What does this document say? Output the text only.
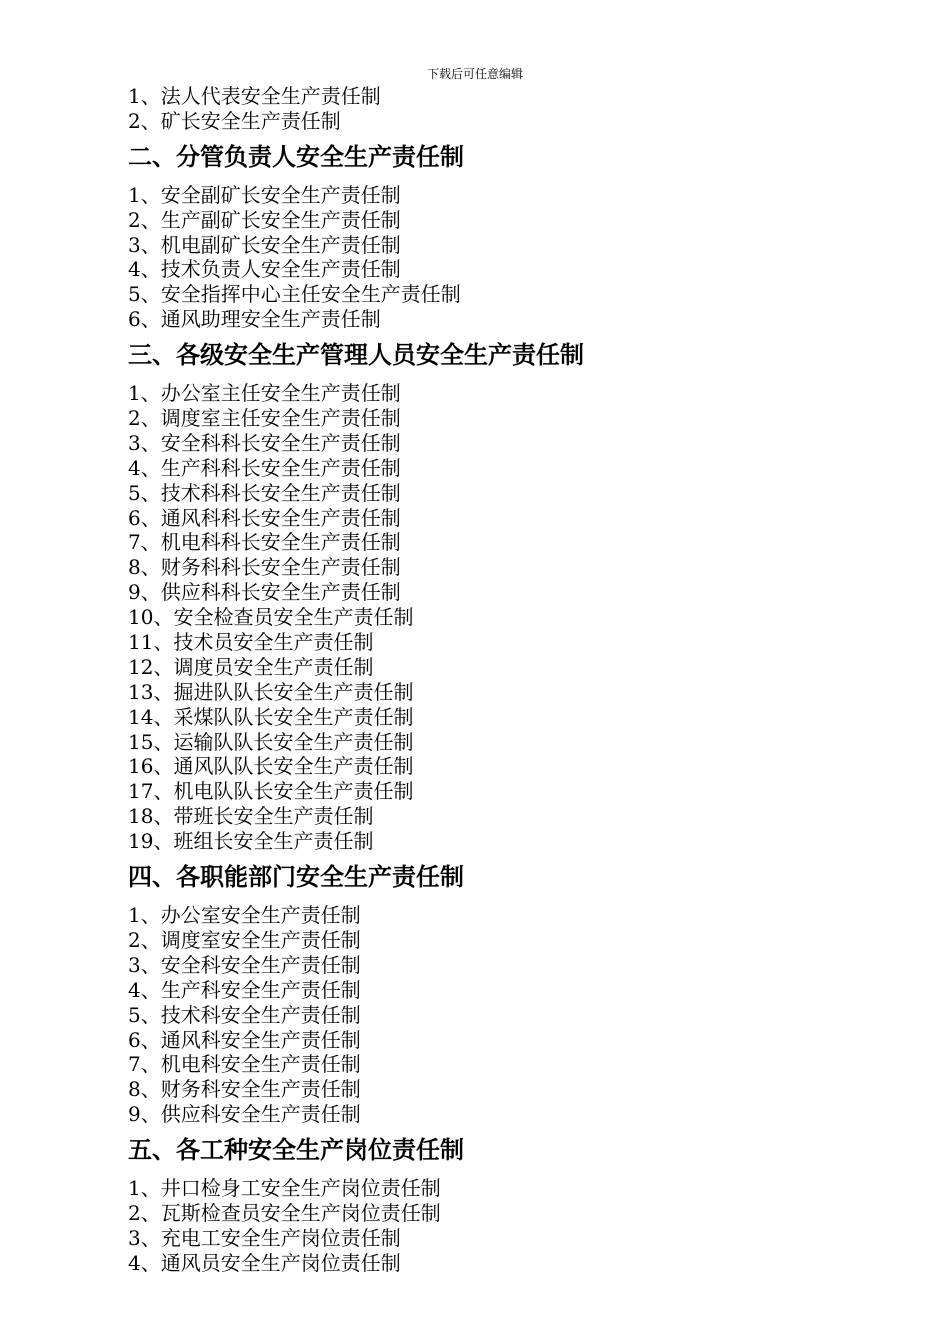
下载后可任意编辑
1、法人代表安全生产责任制
2、矿长安全生产责任制
二、分管负责人安全生产责任制
1、安全副矿长安全生产责任制
2、生产副矿长安全生产责任制
3、机电副矿长安全生产责任制
4、技术负责人安全生产责任制
5、安全指挥中心主任安全生产责任制
6、通风助理安全生产责任制
三、各级安全生产管理人员安全生产责任制
1、办公室主任安全生产责任制
2、调度室主任安全生产责任制
3、安全科科长安全生产责任制
4、生产科科长安全生产责任制
5、技术科科长安全生产责任制
6、通风科科长安全生产责任制
7、机电科科长安全生产责任制
8、财务科科长安全生产责任制
9、供应科科长安全生产责任制
10、安全检查员安全生产责任制
11、技术员安全生产责任制
12、调度员安全生产责任制
13、掘进队队长安全生产责任制
14、采煤队队长安全生产责任制
15、运输队队长安全生产责任制
16、通风队队长安全生产责任制
17、机电队队长安全生产责任制
18、带班长安全生产责任制
19、班组长安全生产责任制
四、各职能部门安全生产责任制
1、办公室安全生产责任制
2、调度室安全生产责任制
3、安全科安全生产责任制
4、生产科安全生产责任制
5、技术科安全生产责任制
6、通风科安全生产责任制
7、机电科安全生产责任制
8、财务科安全生产责任制
9、供应科安全生产责任制
五、各工种安全生产岗位责任制
1、井口检身工安全生产岗位责任制
2、瓦斯检查员安全生产岗位责任制
3、充电工安全生产岗位责任制
4、通风员安全生产岗位责任制
